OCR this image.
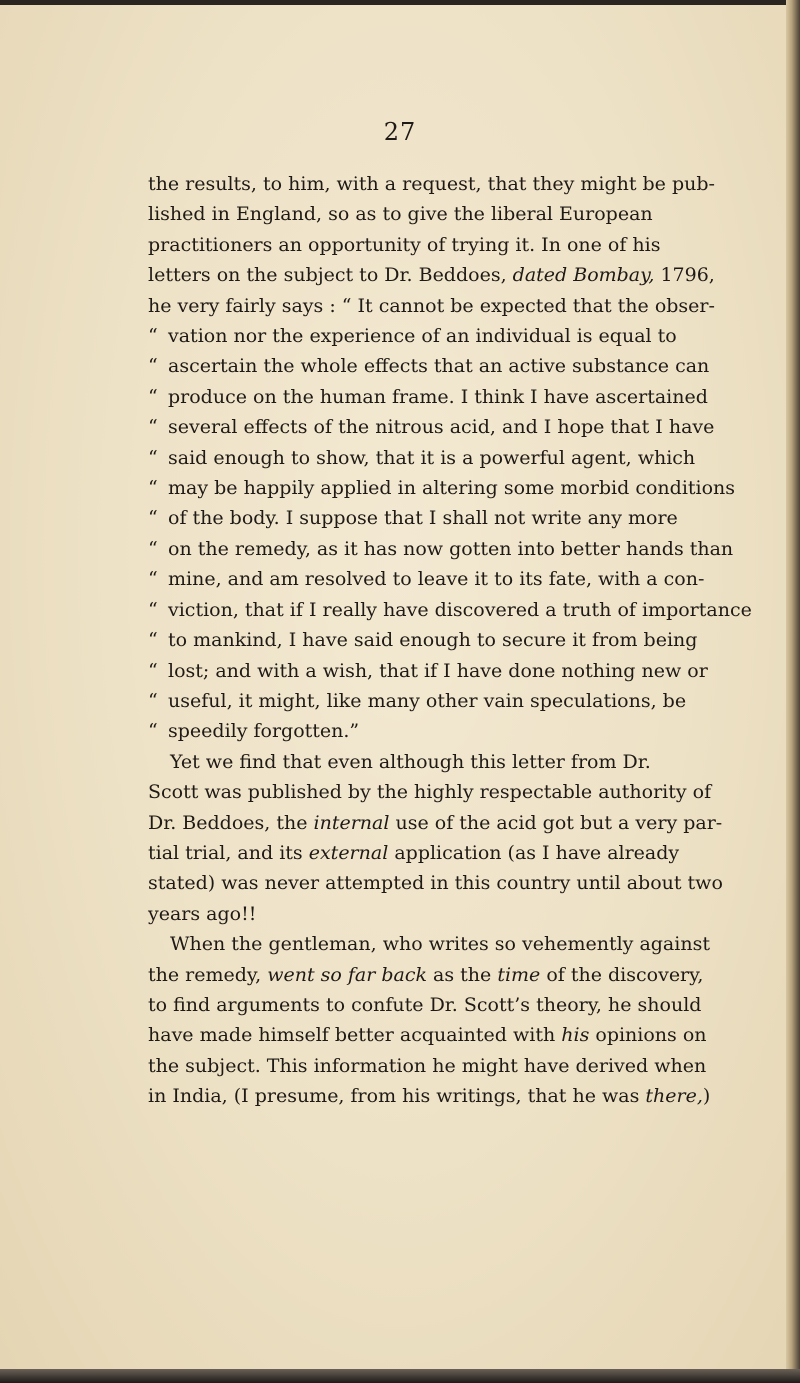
27
the results, to him, with a request, that they might be pub-
lished in England, so as to give the liberal European
practitioners an opportunity of trying it. In one of his
letters on the subject to Dr. Beddoes, dated Bombay, 1796,
he very fairly says : “ It cannot be expected that the obser-
“ vation nor the experience of an individual is equal to
“ ascertain the whole effects that an active substance can
“ produce on the human frame. I think I have ascertained
“ several effects of the nitrous acid, and I hope that I have
“ said enough to show, that it is a powerful agent, which
“ may be happily applied in altering some morbid conditions
“ of the body. I suppose that I shall not write any more
“ on the remedy, as it has now gotten into better hands than
“ mine, and am resolved to leave it to its fate, with a con-
“ viction, that if I really have discovered a truth of importance
“ to mankind, I have said enough to secure it from being
“ lost; and with a wish, that if I have done nothing new or
“ useful, it might, like many other vain speculations, be
“ speedily forgotten.”
Yet we find that even although this letter from Dr.
Scott was published by the highly respectable authority of
Dr. Beddoes, the internal use of the acid got but a very par-
tial trial, and its external application (as I have already
stated) was never attempted in this country until about two
years ago!!
When the gentleman, who writes so vehemently against
the remedy, went so far back as the time of the discovery,
to find arguments to confute Dr. Scott’s theory, he should
have made himself better acquainted with his opinions on
the subject. This information he might have derived when
in India, (I presume, from his writings, that he was there,)
